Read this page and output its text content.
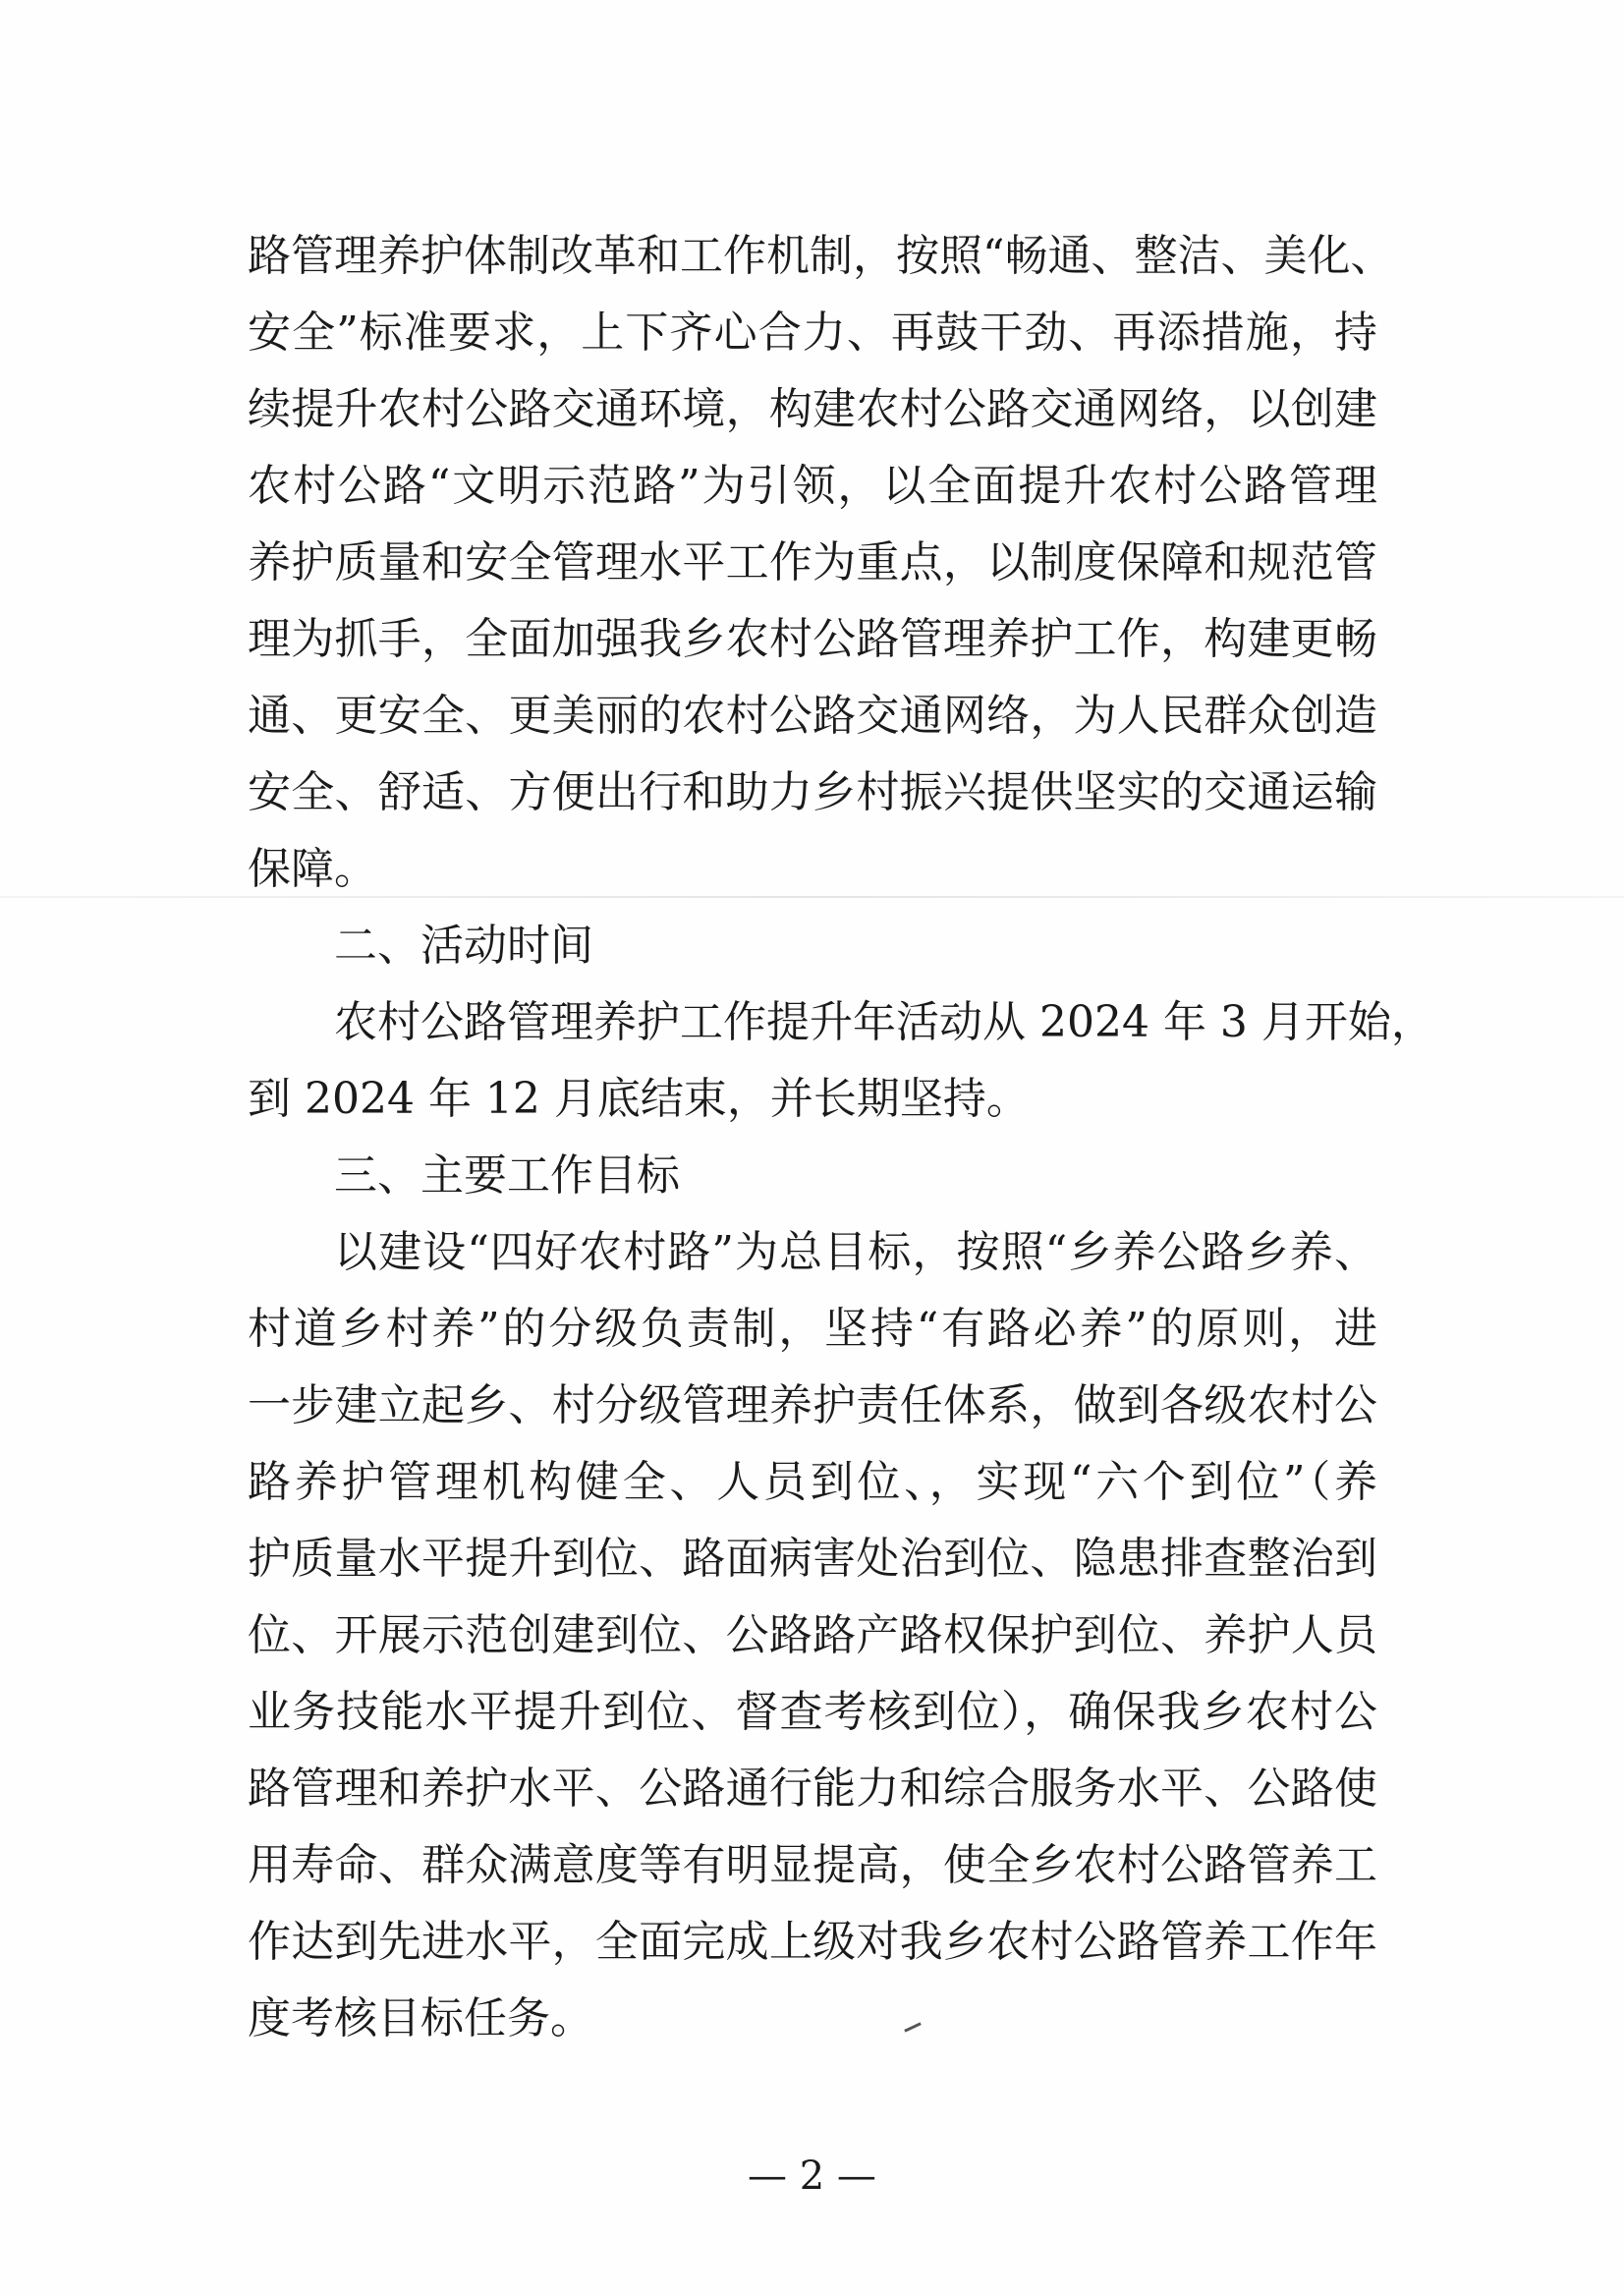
路管理养护体制改革和工作机制，按照“畅通、整洁、美化、
安全”标准要求，上下齐心合力、再鼓干劲、再添措施，持
续提升农村公路交通环境，构建农村公路交通网络，以创建
农村公路“文明示范路”为引领，以全面提升农村公路管理
养护质量和安全管理水平工作为重点，以制度保障和规范管
理为抓手，全面加强我乡农村公路管理养护工作，构建更畅
通、更安全、更美丽的农村公路交通网络，为人民群众创造
安全、舒适、方便出行和助力乡村振兴提供坚实的交通运输
保障。
二、活动时间
农村公路管理养护工作提升年活动从 2024 年 3 月开始，
到 2024 年 12 月底结束，并长期坚持。
三、主要工作目标
以建设“四好农村路”为总目标，按照“乡养公路乡养、
村道乡村养”的分级负责制，坚持“有路必养”的原则，进
一步建立起乡、村分级管理养护责任体系，做到各级农村公
路养护管理机构健全、人员到位、，实现“六个到位”（养
护质量水平提升到位、路面病害处治到位、隐患排查整治到
位、开展示范创建到位、公路路产路权保护到位、养护人员
业务技能水平提升到位、督查考核到位），确保我乡农村公
路管理和养护水平、公路通行能力和综合服务水平、公路使
用寿命、群众满意度等有明显提高，使全乡农村公路管养工
作达到先进水平，全面完成上级对我乡农村公路管养工作年
度考核目标任务。
— 2 —
